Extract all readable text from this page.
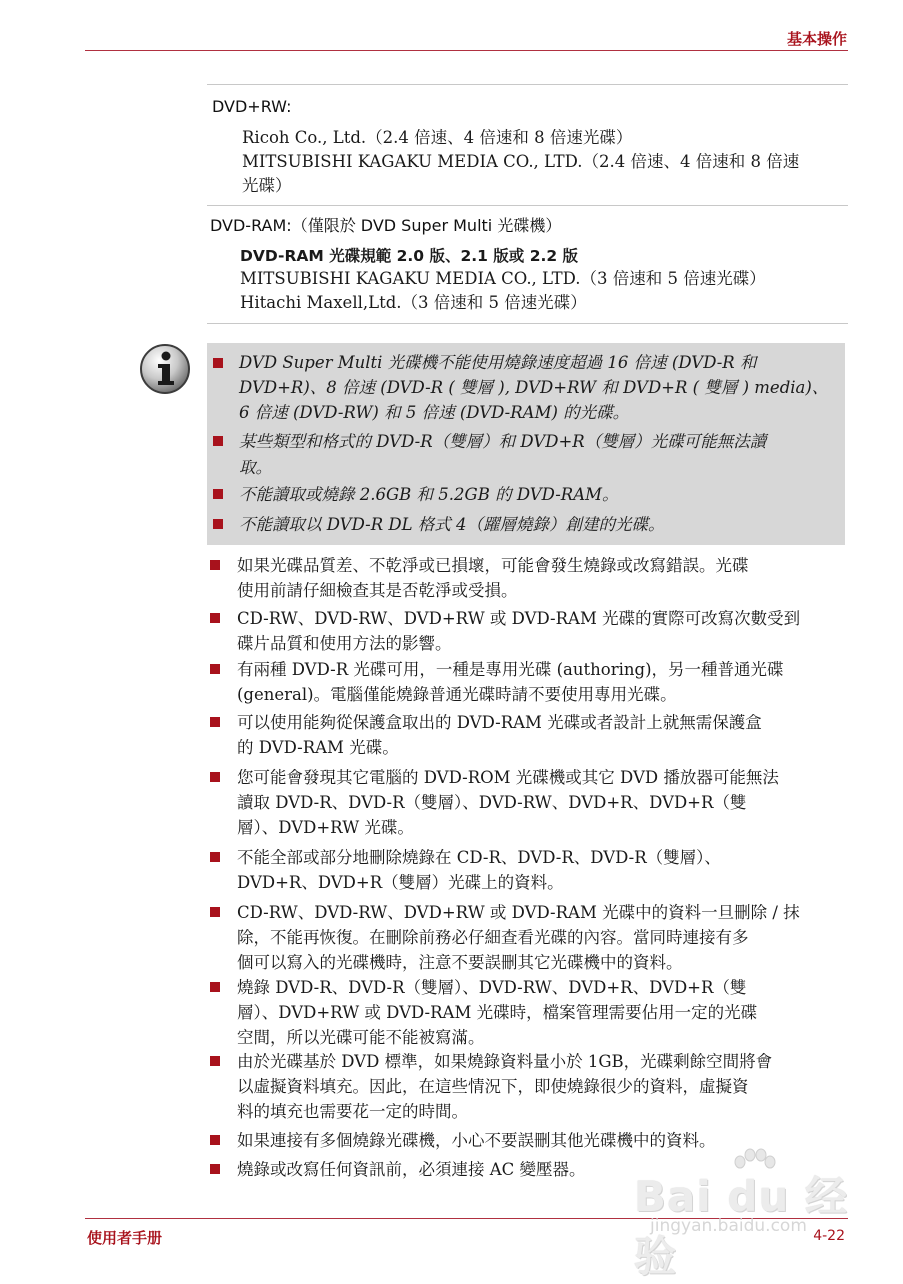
基本操作
DVD+RW:
Ricoh Co., Ltd.（2.4 倍速、4 倍速和 8 倍速光碟）
MITSUBISHI KAGAKU MEDIA CO., LTD.（2.4 倍速、4 倍速和 8 倍速
光碟）
DVD-RAM:（僅限於 DVD Super Multi 光碟機）
DVD-RAM 光碟規範 2.0 版、2.1 版或 2.2 版
MITSUBISHI KAGAKU MEDIA CO., LTD.（3 倍速和 5 倍速光碟）
Hitachi Maxell,Ltd.（3 倍速和 5 倍速光碟）
DVD Super Multi 光碟機不能使用燒錄速度超過 16 倍速 (DVD-R 和
DVD+R)、8 倍速 (DVD-R ( 雙層 ), DVD+RW 和 DVD+R ( 雙層 ) media)、
6 倍速 (DVD-RW) 和 5 倍速 (DVD-RAM) 的光碟。
某些類型和格式的 DVD-R（雙層）和 DVD+R（雙層）光碟可能無法讀
取。
不能讀取或燒錄 2.6GB 和 5.2GB 的 DVD-RAM。
不能讀取以 DVD-R DL 格式 4（躍層燒錄）創建的光碟。
如果光碟品質差、不乾淨或已損壞，可能會發生燒錄或改寫錯誤。光碟
使用前請仔細檢查其是否乾淨或受損。
CD-RW、DVD-RW、DVD+RW 或 DVD-RAM 光碟的實際可改寫次數受到
碟片品質和使用方法的影響。
有兩種 DVD-R 光碟可用，一種是專用光碟 (authoring)，另一種普通光碟
(general)。電腦僅能燒錄普通光碟時請不要使用專用光碟。
可以使用能夠從保護盒取出的 DVD-RAM 光碟或者設計上就無需保護盒
的 DVD-RAM 光碟。
您可能會發現其它電腦的 DVD-ROM 光碟機或其它 DVD 播放器可能無法
讀取 DVD-R、DVD-R（雙層）、DVD-RW、DVD+R、DVD+R（雙
層）、DVD+RW 光碟。
不能全部或部分地刪除燒錄在 CD-R、DVD-R、DVD-R（雙層）、
DVD+R、DVD+R（雙層）光碟上的資料。
CD-RW、DVD-RW、DVD+RW 或 DVD-RAM 光碟中的資料一旦刪除 / 抹
除，不能再恢復。在刪除前務必仔細查看光碟的內容。當同時連接有多
個可以寫入的光碟機時，注意不要誤刪其它光碟機中的資料。
燒錄 DVD-R、DVD-R（雙層）、DVD-RW、DVD+R、DVD+R（雙
層）、DVD+RW 或 DVD-RAM 光碟時，檔案管理需要佔用一定的光碟
空間，所以光碟可能不能被寫滿。
由於光碟基於 DVD 標準，如果燒錄資料量小於 1GB，光碟剩餘空間將會
以虛擬資料填充。因此，在這些情況下，即使燒錄很少的資料，虛擬資
料的填充也需要花一定的時間。
如果連接有多個燒錄光碟機，小心不要誤刪其他光碟機中的資料。
燒錄或改寫任何資訊前，必須連接 AC 變壓器。
使用者手册	4-22
Bai du 经验
jingyan.baidu.com
